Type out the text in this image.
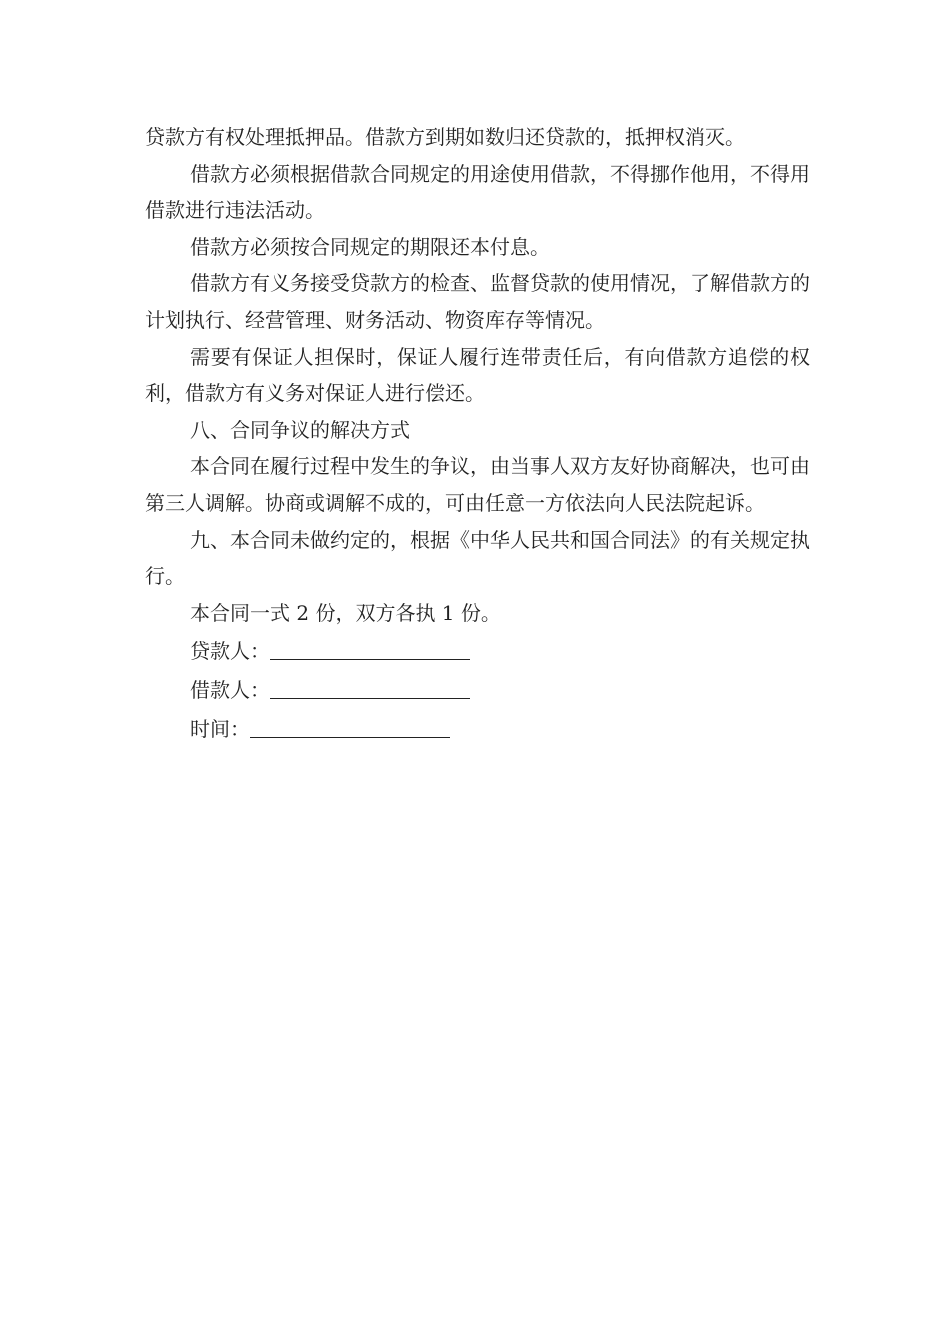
贷款方有权处理抵押品。借款方到期如数归还贷款的，抵押权消灭。

借款方必须根据借款合同规定的用途使用借款，不得挪作他用，不得用借款进行违法活动。

借款方必须按合同规定的期限还本付息。

借款方有义务接受贷款方的检查、监督贷款的使用情况，了解借款方的计划执行、经营管理、财务活动、物资库存等情况。

需要有保证人担保时，保证人履行连带责任后，有向借款方追偿的权利，借款方有义务对保证人进行偿还。

八、合同争议的解决方式

本合同在履行过程中发生的争议，由当事人双方友好协商解决，也可由第三人调解。协商或调解不成的，可由任意一方依法向人民法院起诉。

九、本合同未做约定的，根据《中华人民共和国合同法》的有关规定执行。

本合同一式 2 份，双方各执 1 份。

贷款人：

借款人：

时间：
